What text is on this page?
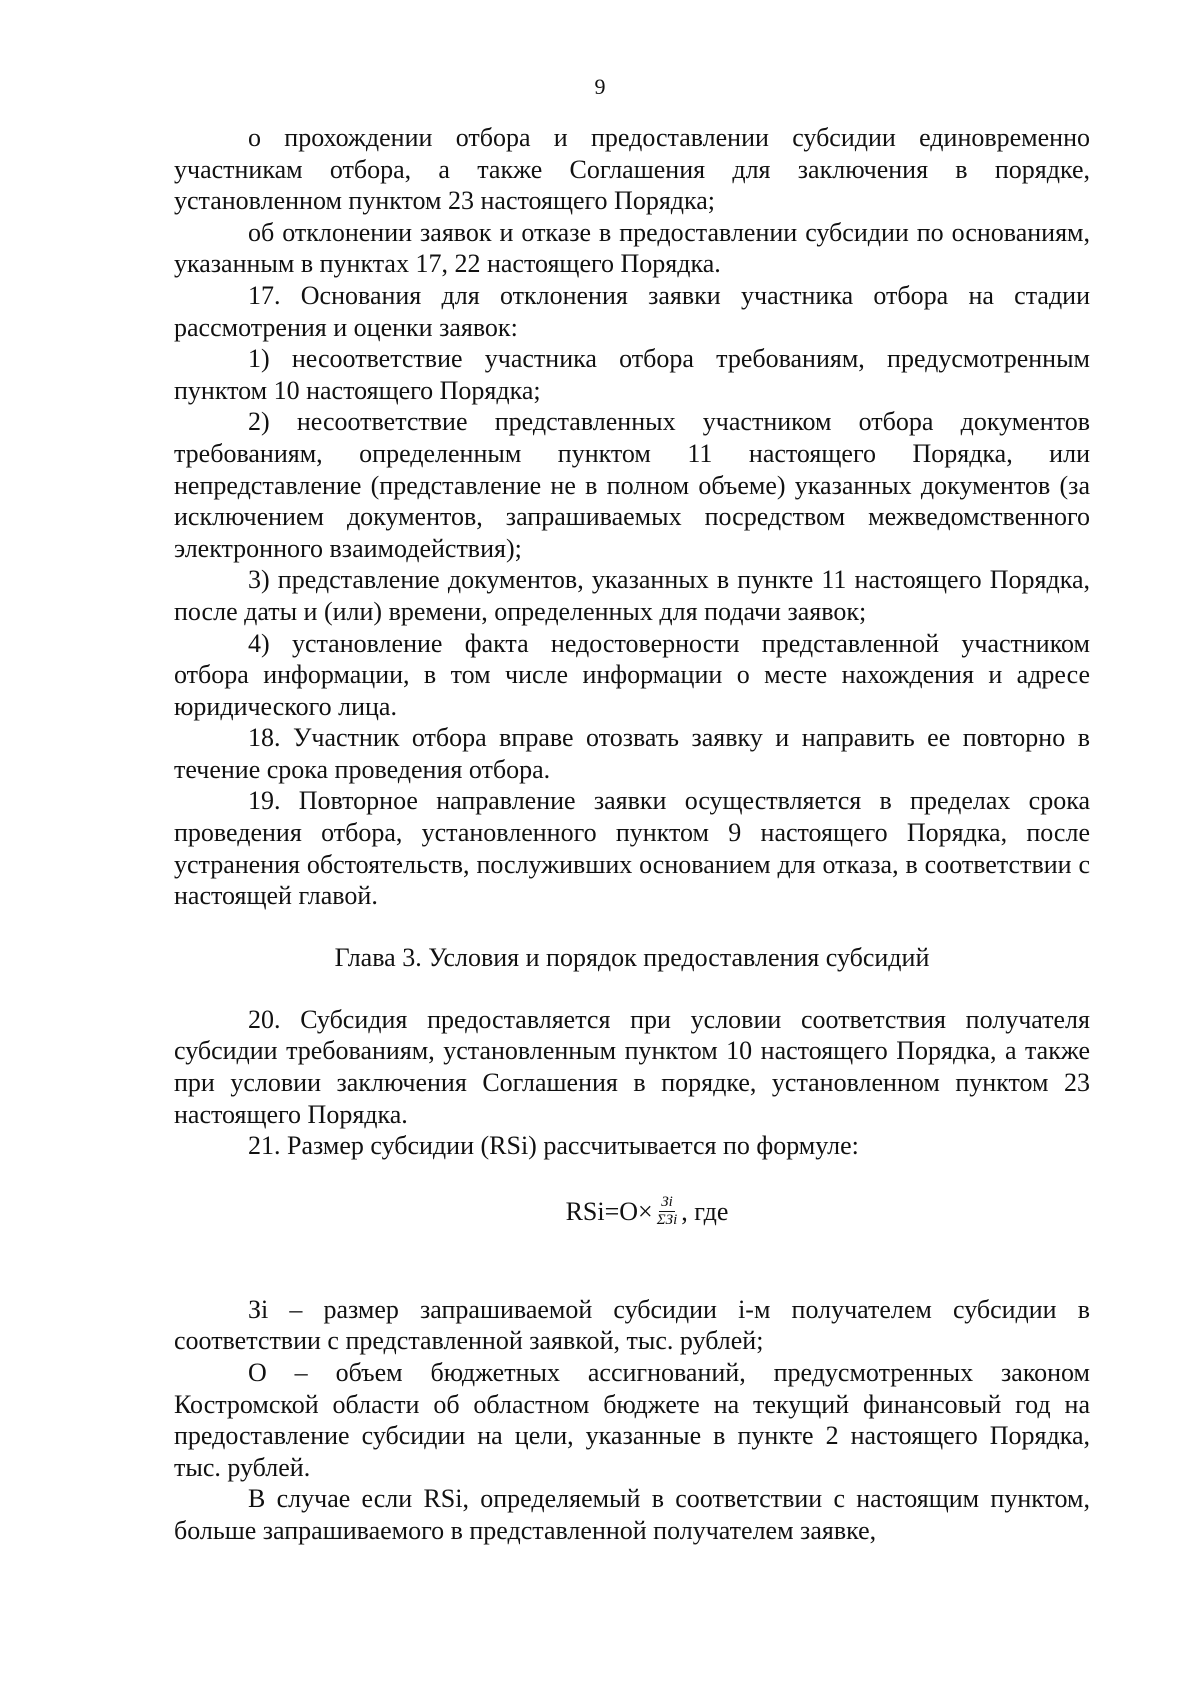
9

о прохождении отбора и предоставлении субсидии единовременно участникам отбора, а также Соглашения для заключения в порядке, установленном пунктом 23 настоящего Порядка;

об отклонении заявок и отказе в предоставлении субсидии по основаниям, указанным в пунктах 17, 22 настоящего Порядка.

17. Основания для отклонения заявки участника отбора на стадии рассмотрения и оценки заявок:

1) несоответствие участника отбора требованиям, предусмотренным пунктом 10 настоящего Порядка;

2) несоответствие представленных участником отбора документов требованиям, определенным пунктом 11 настоящего Порядка, или непредставление (представление не в полном объеме) указанных документов (за исключением документов, запрашиваемых посредством межведомственного электронного взаимодействия);

3) представление документов, указанных в пункте 11 настоящего Порядка, после даты и (или) времени, определенных для подачи заявок;

4) установление факта недостоверности представленной участником отбора информации, в том числе информации о месте нахождения и адресе юридического лица.

18. Участник отбора вправе отозвать заявку и направить ее повторно в течение срока проведения отбора.

19. Повторное направление заявки осуществляется в пределах срока проведения отбора, установленного пунктом 9 настоящего Порядка, после устранения обстоятельств, послуживших основанием для отказа, в соответствии с настоящей главой.

Глава 3. Условия и порядок предоставления субсидий

20. Субсидия предоставляется при условии соответствия получателя субсидии требованиям, установленным пунктом 10 настоящего Порядка, а также при условии заключения Соглашения в порядке, установленном пунктом 23 настоящего Порядка.

21. Размер субсидии (RSi) рассчитывается по формуле:

$RSi=O\times \frac{Зi}{\text{ΣЗi}}$ , где

Зi – размер запрашиваемой субсидии i-м получателем субсидии в соответствии с представленной заявкой, тыс. рублей;

О – объем бюджетных ассигнований, предусмотренных законом Костромской области об областном бюджете на текущий финансовый год на предоставление субсидии на цели, указанные в пункте 2 настоящего Порядка, тыс. рублей.

В случае если RSi, определяемый в соответствии с настоящим пунктом, больше запрашиваемого в представленной получателем заявке,
